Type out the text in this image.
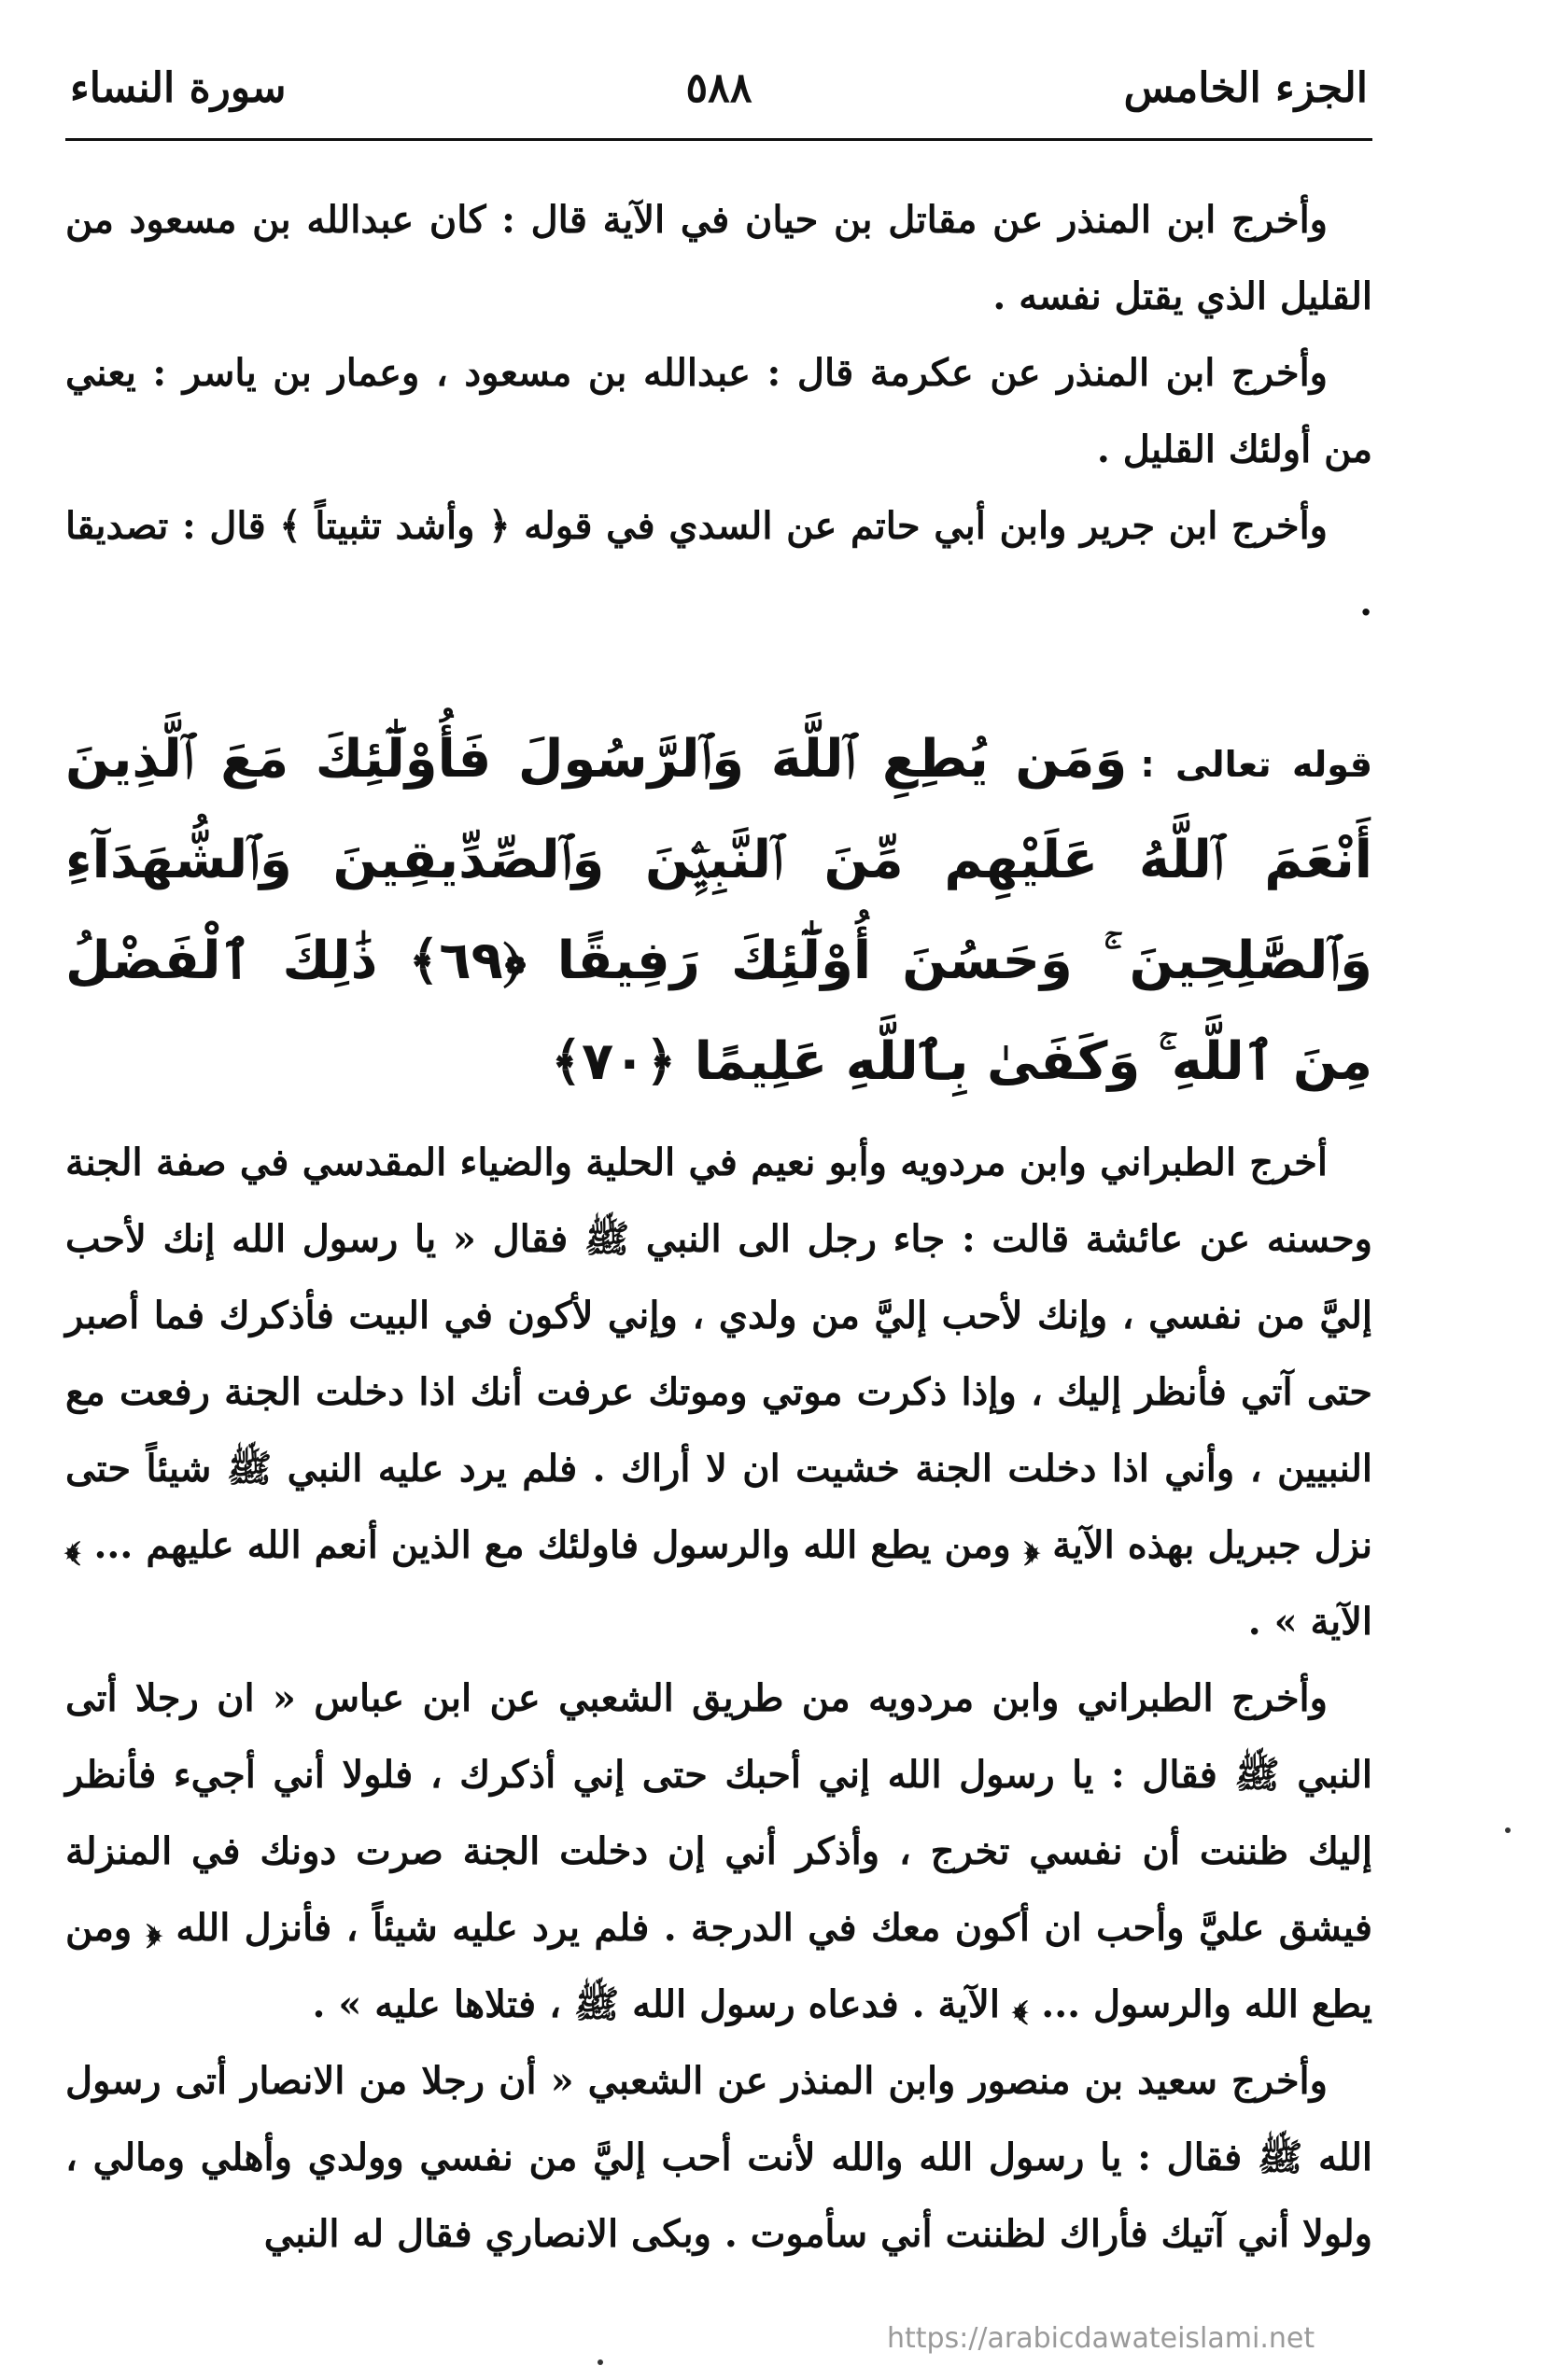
الجزء الخامس
٥٨٨
سورة النساء

وأخرج ابن المنذر عن مقاتل بن حيان في الآية قال : كان عبدالله بن مسعود من القليل الذي يقتل نفسه .

وأخرج ابن المنذر عن عكرمة قال : عبدالله بن مسعود ، وعمار بن ياسر : يعني من أولئك القليل .

وأخرج ابن جرير وابن أبي حاتم عن السدي في قوله ﴿ وأشد تثبيتاً ﴾ قال : تصديقا .

قوله تعالى : وَمَن يُطِعِ ٱللَّهَ وَٱلرَّسُولَ فَأُوْلَٰٓئِكَ مَعَ ٱلَّذِينَ أَنْعَمَ ٱللَّهُ عَلَيْهِم مِّنَ ٱلنَّبِيِّۧنَ وَٱلصِّدِّيقِينَ وَٱلشُّهَدَآءِ وَٱلصَّٰلِحِينَ ۚ وَحَسُنَ أُوْلَٰٓئِكَ رَفِيقًا ﴿٦٩﴾ ذَٰلِكَ ٱلْفَضْلُ مِنَ ٱللَّهِ ۚ وَكَفَىٰ بِٱللَّهِ عَلِيمًا ﴿٧٠﴾

أخرج الطبراني وابن مردويه وأبو نعيم في الحلية والضياء المقدسي في صفة الجنة وحسنه عن عائشة قالت : جاء رجل الى النبي ﷺ فقال « يا رسول الله إنك لأحب إليَّ من نفسي ، وإنك لأحب إليَّ من ولدي ، وإني لأكون في البيت فأذكرك فما أصبر حتى آتي فأنظر إليك ، وإذا ذكرت موتي وموتك عرفت أنك اذا دخلت الجنة رفعت مع النبيين ، وأني اذا دخلت الجنة خشيت ان لا أراك . فلم يرد عليه النبي ﷺ شيئاً حتى نزل جبريل بهذه الآية ﴿ ومن يطع الله والرسول فاولئك مع الذين أنعم الله عليهم ... ﴾ الآية » .

وأخرج الطبراني وابن مردويه من طريق الشعبي عن ابن عباس « ان رجلا أتى النبي ﷺ فقال : يا رسول الله إني أحبك حتى إني أذكرك ، فلولا أني أجيء فأنظر إليك ظننت أن نفسي تخرج ، وأذكر أني إن دخلت الجنة صرت دونك في المنزلة فيشق عليَّ وأحب ان أكون معك في الدرجة . فلم يرد عليه شيئاً ، فأنزل الله ﴿ ومن يطع الله والرسول ... ﴾ الآية . فدعاه رسول الله ﷺ ، فتلاها عليه » .

وأخرج سعيد بن منصور وابن المنذر عن الشعبي « أن رجلا من الانصار أتى رسول الله ﷺ فقال : يا رسول الله والله لأنت أحب إليَّ من نفسي وولدي وأهلي ومالي ، ولولا أني آتيك فأراك لظننت أني سأموت . وبكى الانصاري فقال له النبي

https://arabicdawateislami.net
